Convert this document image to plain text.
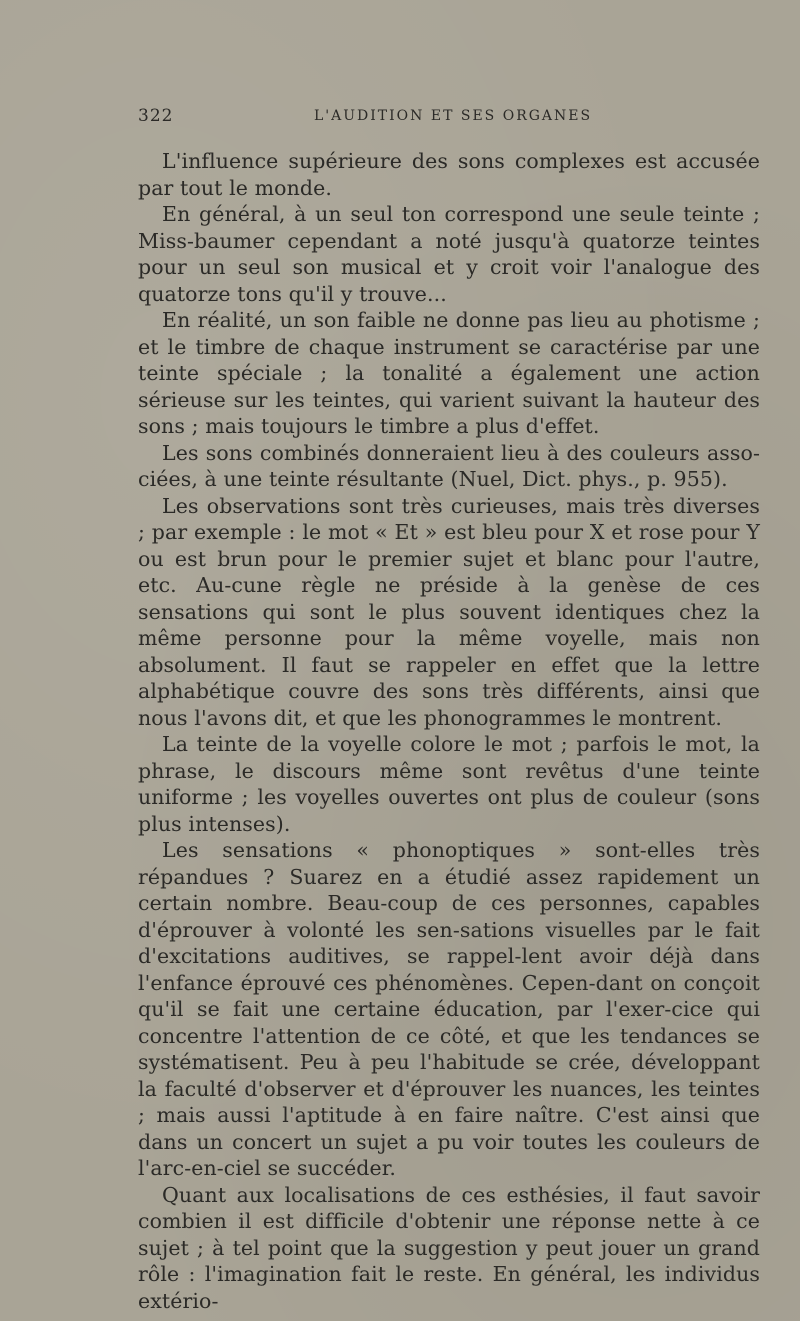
322	L'AUDITION ET SES ORGANES

L'influence supérieure des sons complexes est accusée par tout le monde.

En général, à un seul ton correspond une seule teinte ; Miss-baumer cependant a noté jusqu'à quatorze teintes pour un seul son musical et y croit voir l'analogue des quatorze tons qu'il y trouve...

En réalité, un son faible ne donne pas lieu au photisme ; et le timbre de chaque instrument se caractérise par une teinte spéciale ; la tonalité a également une action sérieuse sur les teintes, qui varient suivant la hauteur des sons ; mais toujours le timbre a plus d'effet.

Les sons combinés donneraient lieu à des couleurs asso-ciées, à une teinte résultante (Nuel, Dict. phys., p. 955).

Les observations sont très curieuses, mais très diverses ; par exemple : le mot « Et » est bleu pour X et rose pour Y ou est brun pour le premier sujet et blanc pour l'autre, etc. Au-cune règle ne préside à la genèse de ces sensations qui sont le plus souvent identiques chez la même personne pour la même voyelle, mais non absolument. Il faut se rappeler en effet que la lettre alphabétique couvre des sons très différents, ainsi que nous l'avons dit, et que les phonogrammes le montrent.

La teinte de la voyelle colore le mot ; parfois le mot, la phrase, le discours même sont revêtus d'une teinte uniforme ; les voyelles ouvertes ont plus de couleur (sons plus intenses).

Les sensations « phonoptiques » sont-elles très répandues ? Suarez en a étudié assez rapidement un certain nombre. Beau-coup de ces personnes, capables d'éprouver à volonté les sen-sations visuelles par le fait d'excitations auditives, se rappel-lent avoir déjà dans l'enfance éprouvé ces phénomènes. Cepen-dant on conçoit qu'il se fait une certaine éducation, par l'exer-cice qui concentre l'attention de ce côté, et que les tendances se systématisent. Peu à peu l'habitude se crée, développant la faculté d'observer et d'éprouver les nuances, les teintes ; mais aussi l'aptitude à en faire naître. C'est ainsi que dans un concert un sujet a pu voir toutes les couleurs de l'arc-en-ciel se succéder.

Quant aux localisations de ces esthésies, il faut savoir combien il est difficile d'obtenir une réponse nette à ce sujet ; à tel point que la suggestion y peut jouer un grand rôle : l'imagination fait le reste. En général, les individus extério-
